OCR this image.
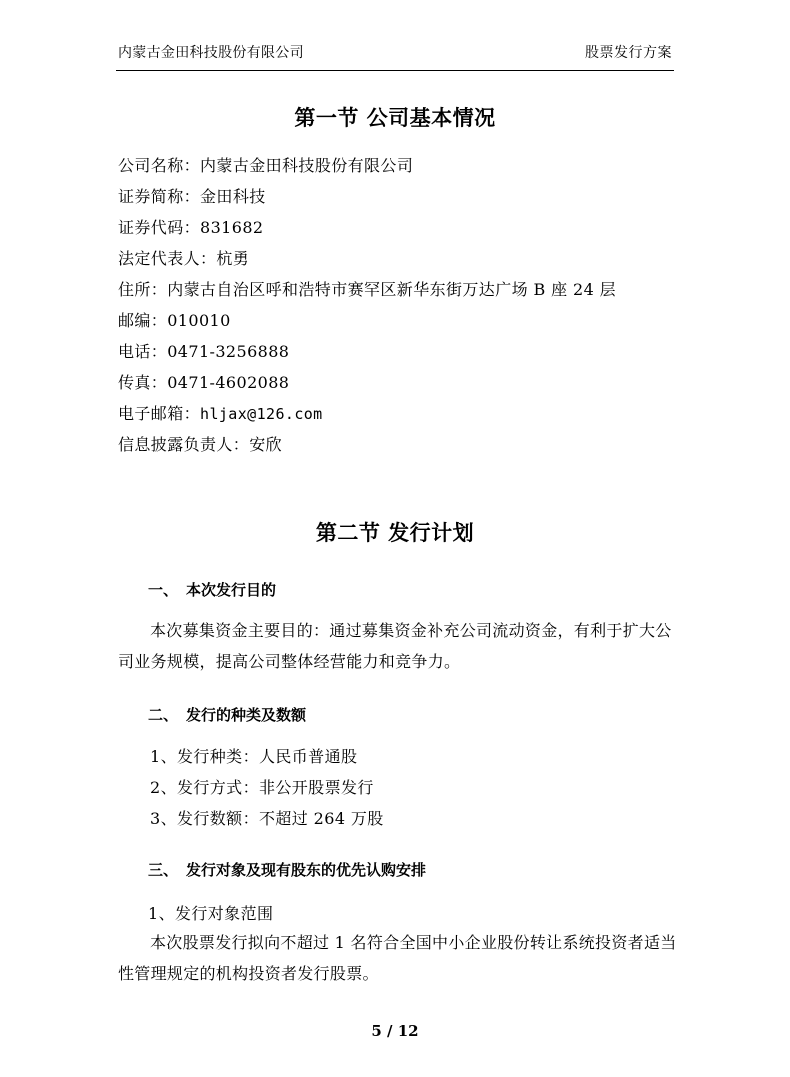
内蒙古金田科技股份有限公司	股票发行方案
第一节 公司基本情况
公司名称：内蒙古金田科技股份有限公司
证券简称：金田科技
证券代码：831682
法定代表人：杭勇
住所：内蒙古自治区呼和浩特市赛罕区新华东街万达广场 B 座 24 层
邮编：010010
电话：0471-3256888
传真：0471-4602088
电子邮箱：hljax@126.com
信息披露负责人：安欣
第二节 发行计划
一、 本次发行目的
本次募集资金主要目的：通过募集资金补充公司流动资金，有利于扩大公司业务规模，提高公司整体经营能力和竞争力。
二、 发行的种类及数额
1、发行种类：人民币普通股
2、发行方式：非公开股票发行
3、发行数额：不超过 264 万股
三、 发行对象及现有股东的优先认购安排
1、发行对象范围
本次股票发行拟向不超过 1 名符合全国中小企业股份转让系统投资者适当性管理规定的机构投资者发行股票。
5 / 12
